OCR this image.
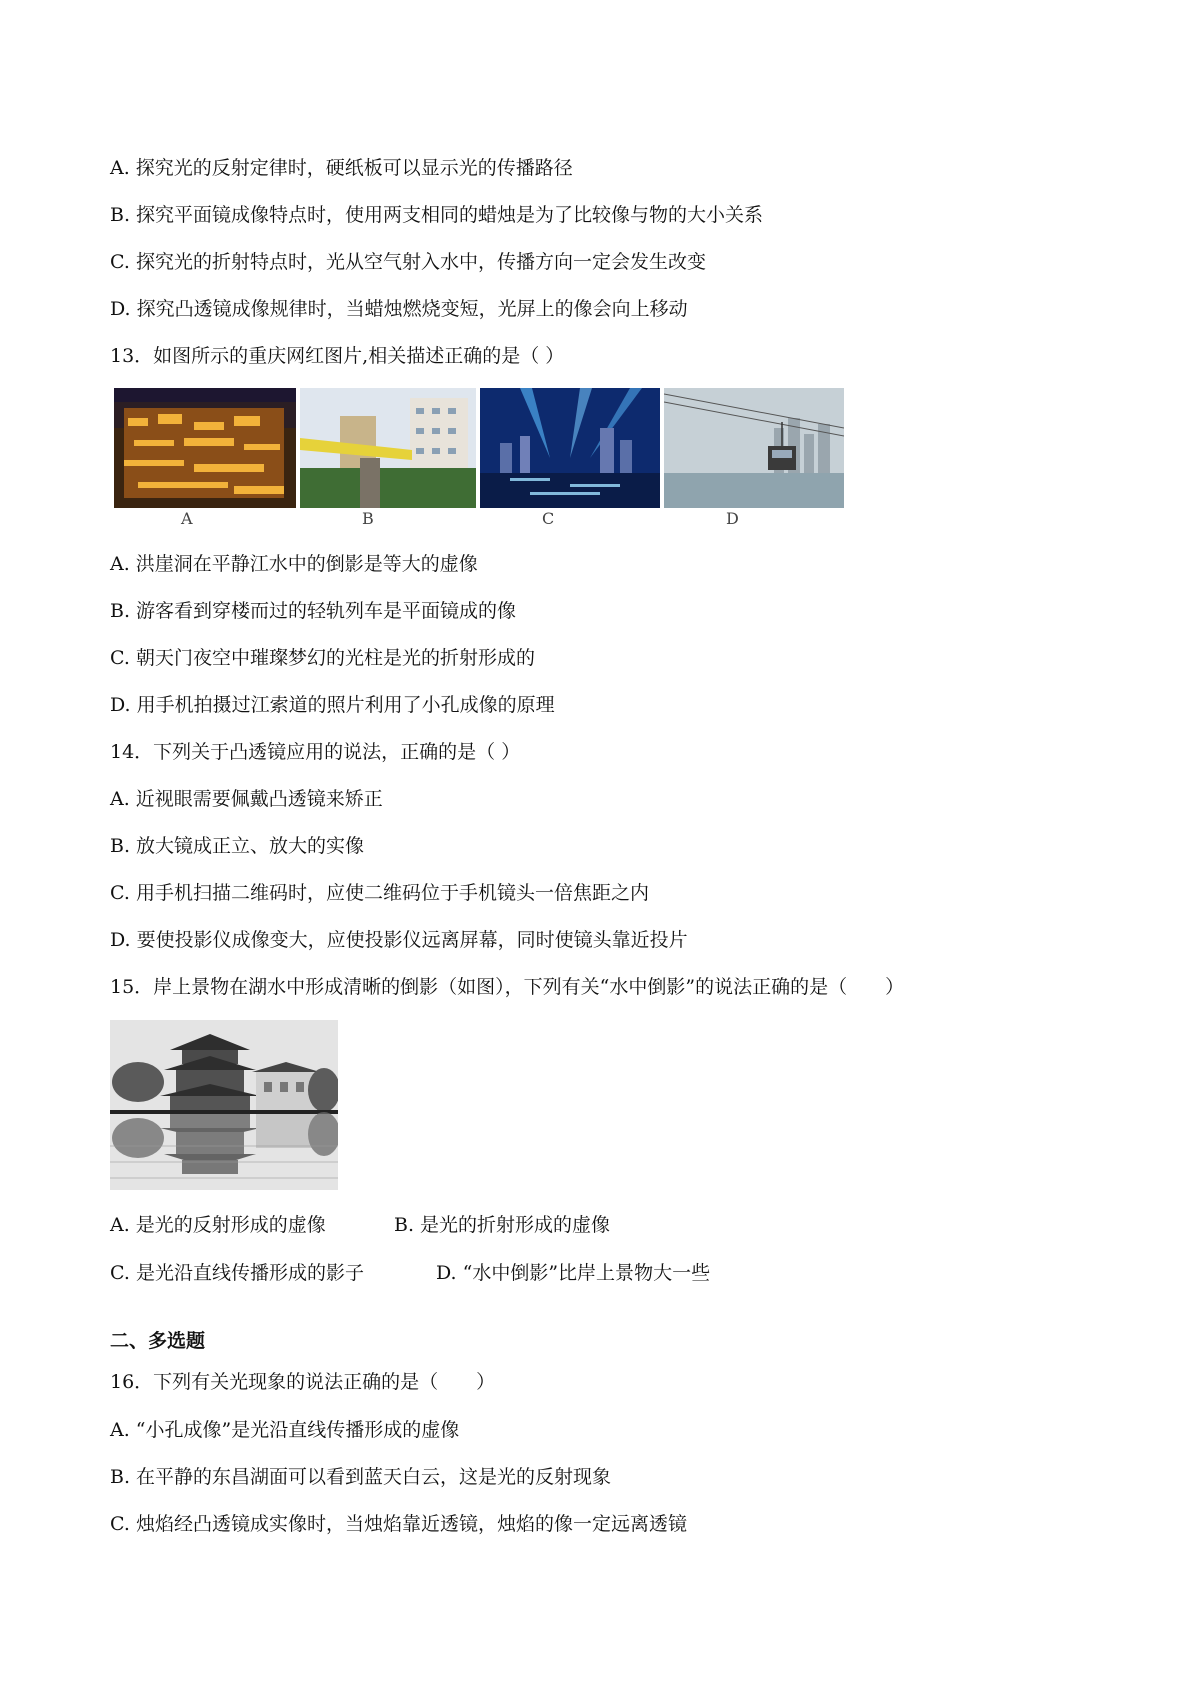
A. 探究光的反射定律时，硬纸板可以显示光的传播路径
B. 探究平面镜成像特点时，使用两支相同的蜡烛是为了比较像与物的大小关系
C. 探究光的折射特点时，光从空气射入水中，传播方向一定会发生改变
D. 探究凸透镜成像规律时，当蜡烛燃烧变短，光屏上的像会向上移动
13．如图所示的重庆网红图片,相关描述正确的是（ ）
A	B	C	D
A. 洪崖洞在平静江水中的倒影是等大的虚像
B. 游客看到穿楼而过的轻轨列车是平面镜成的像
C. 朝天门夜空中璀璨梦幻的光柱是光的折射形成的
D. 用手机拍摄过江索道的照片利用了小孔成像的原理
14．下列关于凸透镜应用的说法，正确的是（ ）
A. 近视眼需要佩戴凸透镜来矫正
B. 放大镜成正立、放大的实像
C. 用手机扫描二维码时，应使二维码位于手机镜头一倍焦距之内
D. 要使投影仪成像变大，应使投影仪远离屏幕，同时使镜头靠近投片
15．岸上景物在湖水中形成清晰的倒影（如图），下列有关“水中倒影”的说法正确的是（　　）
A. 是光的反射形成的虚像	B. 是光的折射形成的虚像
C. 是光沿直线传播形成的影子	D. “水中倒影”比岸上景物大一些
二、多选题
16．下列有关光现象的说法正确的是（　　）
A. “小孔成像”是光沿直线传播形成的虚像
B. 在平静的东昌湖面可以看到蓝天白云，这是光的反射现象
C. 烛焰经凸透镜成实像时，当烛焰靠近透镜，烛焰的像一定远离透镜
